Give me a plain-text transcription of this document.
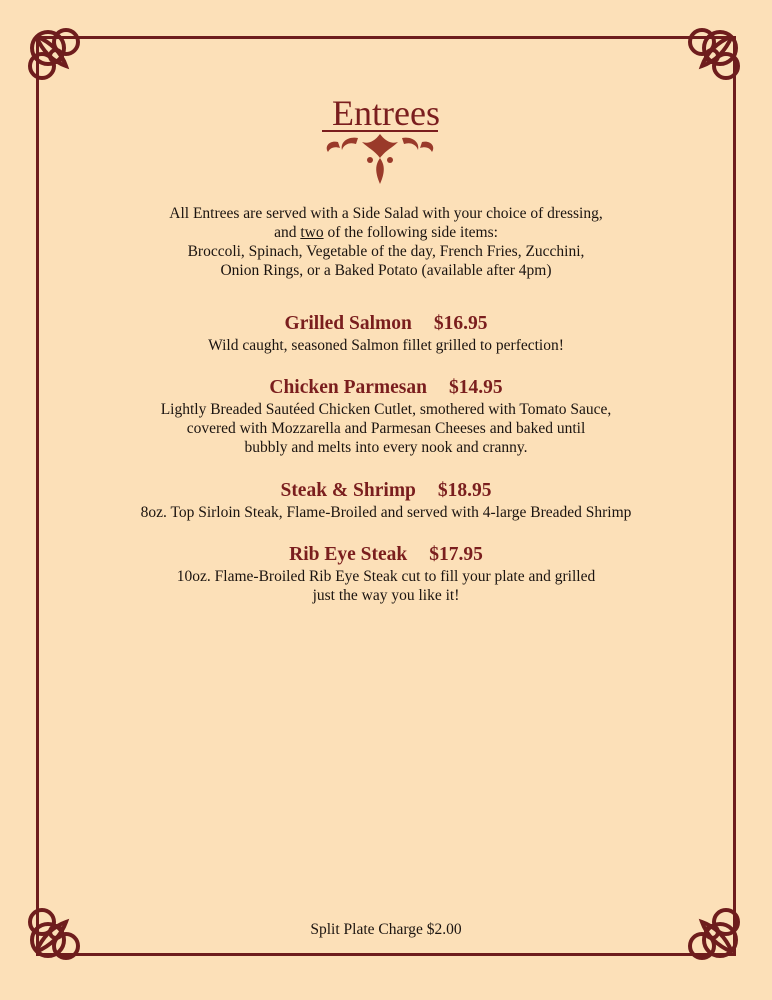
Entrees
All Entrees are served with a Side Salad with your choice of dressing,
and two of the following side items:
Broccoli, Spinach, Vegetable of the day, French Fries, Zucchini,
Onion Rings, or a Baked Potato (available after 4pm)
Grilled Salmon $16.95
Wild caught, seasoned Salmon fillet grilled to perfection!
Chicken Parmesan $14.95
Lightly Breaded Sautéed Chicken Cutlet, smothered with Tomato Sauce,
covered with Mozzarella and Parmesan Cheeses and baked until
bubbly and melts into every nook and cranny.
Steak & Shrimp $18.95
8oz. Top Sirloin Steak, Flame-Broiled and served with 4-large Breaded Shrimp
Rib Eye Steak $17.95
10oz. Flame-Broiled Rib Eye Steak cut to fill your plate and grilled
just the way you like it!
Split Plate Charge $2.00
